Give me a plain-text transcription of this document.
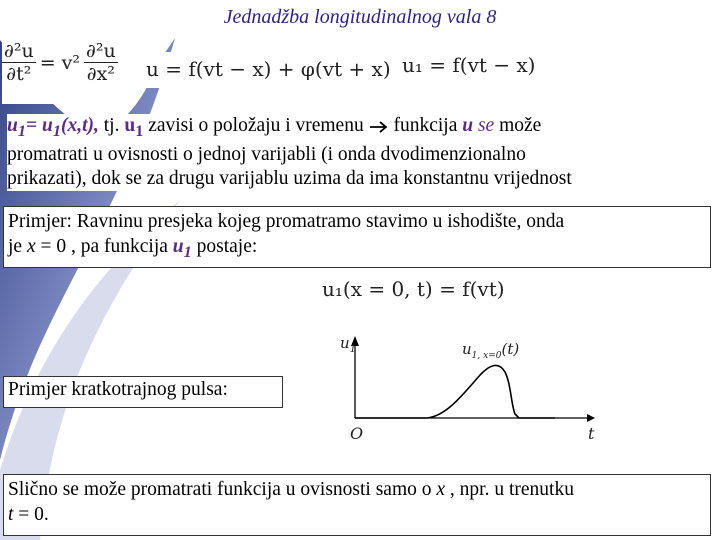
Jednadžba longitudinalnog vala 8
$\frac{\text{∂²u}}{\text{∂t²}} = v^2 \frac{\text{∂²u}}{\text{∂x²}}$ u = f(vt − x) + φ(vt + x) u₁ = f(vt − x)
$u_1= u_1(x,t)$, tj. $u_1$ zavisi o položaju i vremenu  funkcija u se može
promatrati u ovisnosti o jednoj varijabli (i onda dvodimenzionalno
prikazati), dok se za drugu varijablu uzima da ima konstantnu vrijednost
Primjer: Ravninu presjeka kojeg promatramo stavimo u ishodište, onda
je x = 0 , pa funkcija $u_1$ postaje:
u₁(x = 0, t) = f(vt)
$u_1$	$u_{1, x=0}(t)$
Primjer kratkotrajnog pulsa:
O	t
Slično se može promatrati funkcija u ovisnosti samo o x , npr. u trenutku
t = 0.
